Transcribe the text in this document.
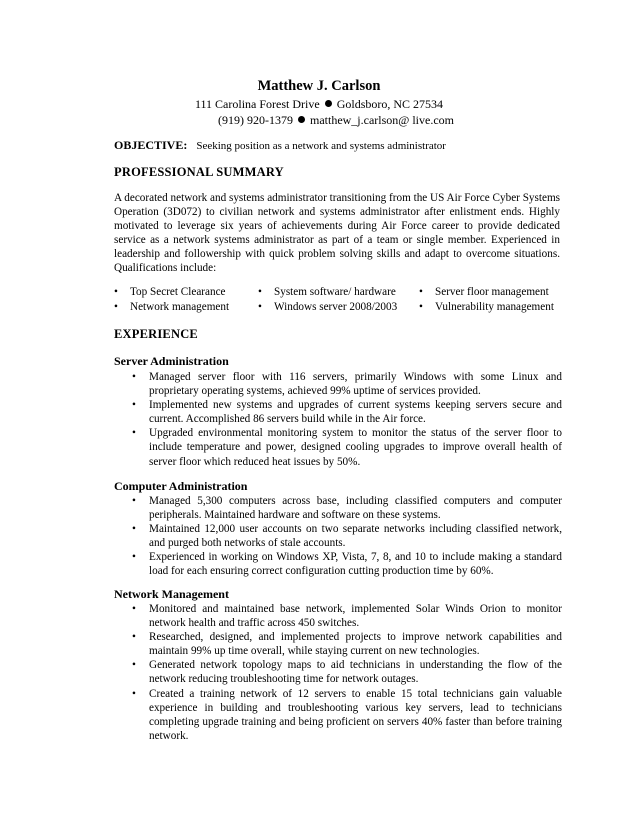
Matthew J. Carlson
111 Carolina Forest Drive Goldsboro, NC 27534
(919) 920-1379 matthew_j.carlson@ live.com
OBJECTIVE: Seeking position as a network and systems administrator
PROFESSIONAL SUMMARY
A decorated network and systems administrator transitioning from the US Air Force Cyber Systems Operation (3D072) to civilian network and systems administrator after enlistment ends. Highly motivated to leverage six years of achievements during Air Force career to provide dedicated service as a network systems administrator as part of a team or single member. Experienced in leadership and followership with quick problem solving skills and adapt to overcome situations. Qualifications include:
• Top Secret Clearance	• System software/ hardware • Server floor management
• Network management	• Windows server 2008/2003 • Vulnerability management
EXPERIENCE
Server Administration
• Managed server floor with 116 servers, primarily Windows with some Linux and proprietary operating systems, achieved 99% uptime of services provided.
• Implemented new systems and upgrades of current systems keeping servers secure and current. Accomplished 86 servers build while in the Air force.
• Upgraded environmental monitoring system to monitor the status of the server floor to include temperature and power, designed cooling upgrades to improve overall health of server floor which reduced heat issues by 50%.
Computer Administration
• Managed 5,300 computers across base, including classified computers and computer peripherals. Maintained hardware and software on these systems.
• Maintained 12,000 user accounts on two separate networks including classified network, and purged both networks of stale accounts.
• Experienced in working on Windows XP, Vista, 7, 8, and 10 to include making a standard load for each ensuring correct configuration cutting production time by 60%.
Network Management
• Monitored and maintained base network, implemented Solar Winds Orion to monitor network health and traffic across 450 switches.
• Researched, designed, and implemented projects to improve network capabilities and maintain 99% up time overall, while staying current on new technologies.
• Generated network topology maps to aid technicians in understanding the flow of the network reducing troubleshooting time for network outages.
• Created a training network of 12 servers to enable 15 total technicians gain valuable experience in building and troubleshooting various key servers, lead to technicians completing upgrade training and being proficient on servers 40% faster than before training network.
